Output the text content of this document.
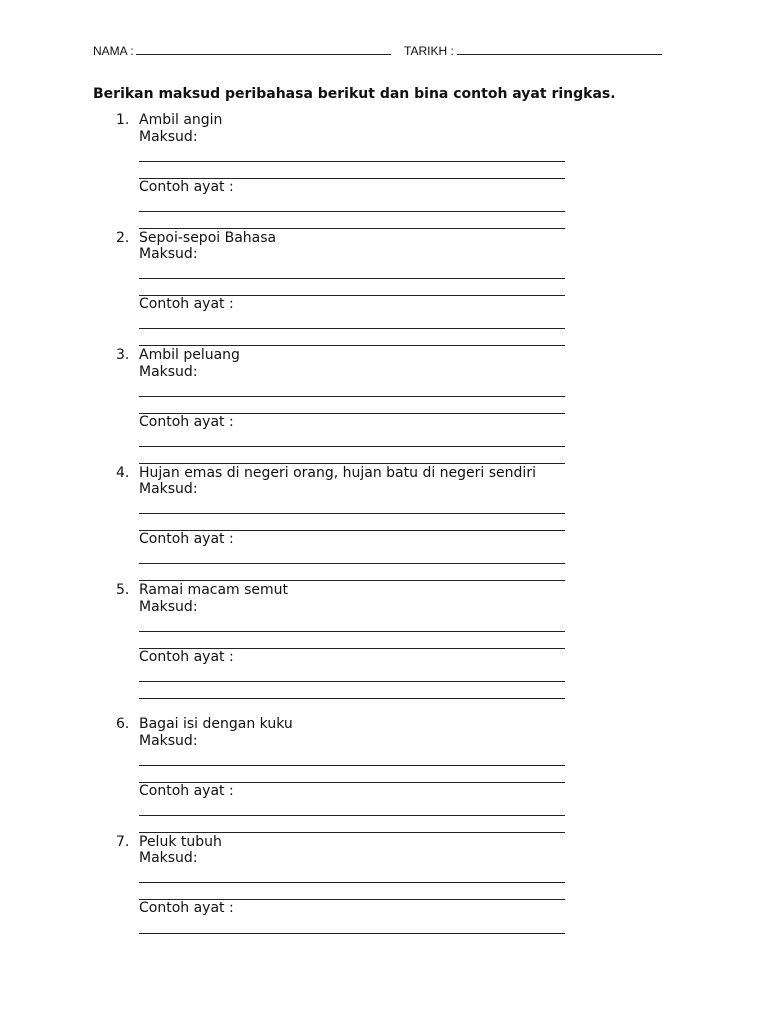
NAMA :	TARIKH :
Berikan maksud peribahasa berikut dan bina contoh ayat ringkas.
1. Ambil angin
Maksud:
Contoh ayat :
2. Sepoi-sepoi Bahasa
Maksud:
Contoh ayat :
3. Ambil peluang
Maksud:
Contoh ayat :
4. Hujan emas di negeri orang, hujan batu di negeri sendiri
Maksud:
Contoh ayat :
5. Ramai macam semut
Maksud:
Contoh ayat :
6. Bagai isi dengan kuku
Maksud:
Contoh ayat :
7. Peluk tubuh
Maksud:
Contoh ayat :
